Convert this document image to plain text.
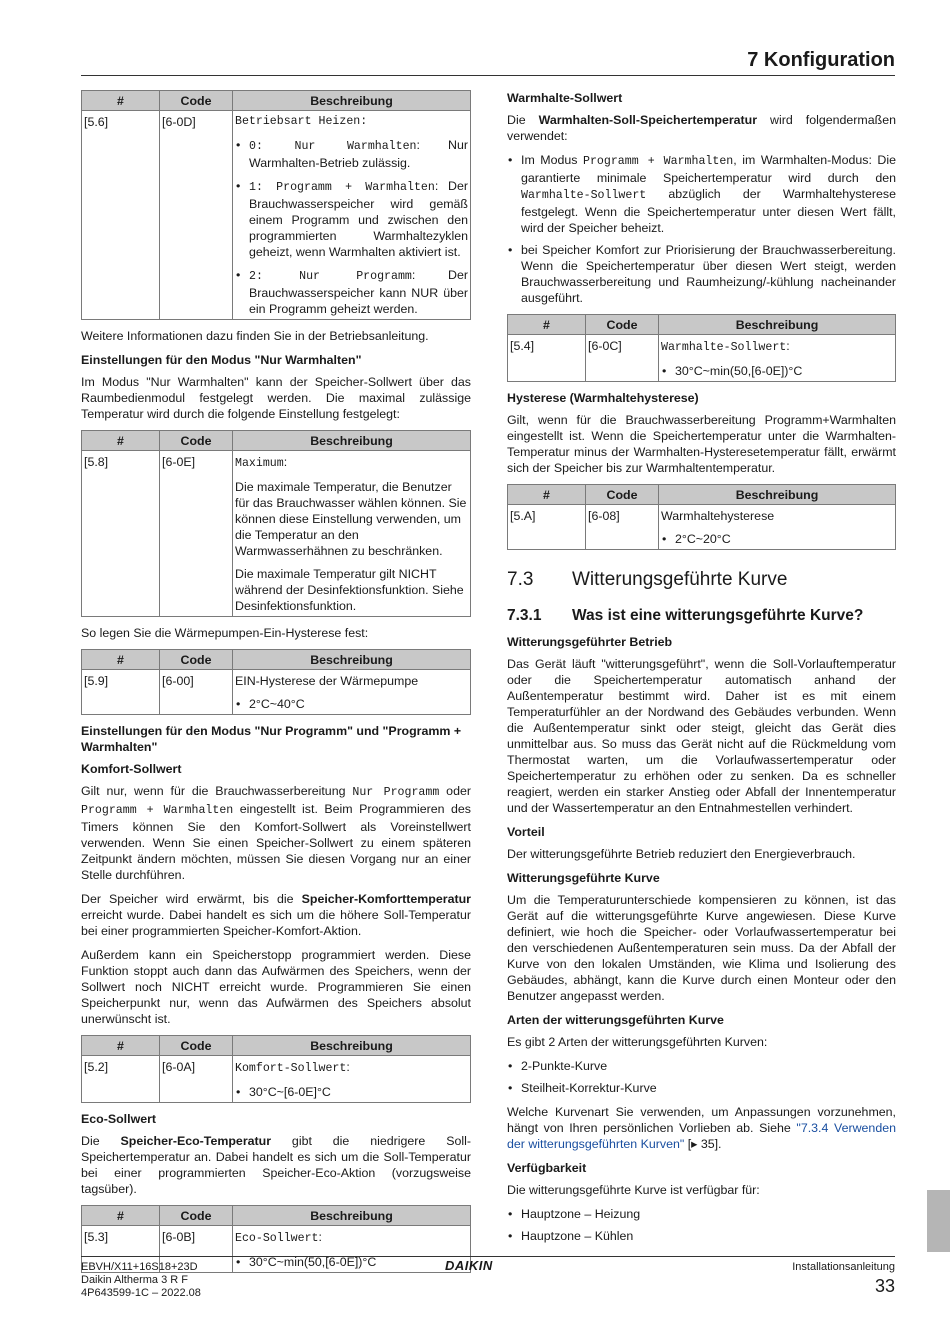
7 Konfiguration
#	Code	Beschreibung
[5.6]	[6-0D]	Betriebsart Heizen:
• 0: Nur Warmhalten: Nur Warmhalten-Betrieb zulässig.
• 1: Programm + Warmhalten: Der Brauchwasserspeicher wird gemäß einem Programm und zwischen den programmierten Warmhaltezyklen geheizt, wenn Warmhalten aktiviert ist.
• 2: Nur Programm: Der Brauchwasserspeicher kann NUR über ein Programm geheizt werden.

Weitere Informationen dazu finden Sie in der Betriebsanleitung.

Einstellungen für den Modus "Nur Warmhalten"

Im Modus "Nur Warmhalten" kann der Speicher-Sollwert über das Raumbedienmodul festgelegt werden. Die maximal zulässige Temperatur wird durch die folgende Einstellung festgelegt:

#	Code	Beschreibung
[5.8]	[6-0E]	Maximum:
Die maximale Temperatur, die Benutzer für das Brauchwasser wählen können. Sie können diese Einstellung verwenden, um die Temperatur an den Warmwasserhähnen zu beschränken.
Die maximale Temperatur gilt NICHT während der Desinfektionsfunktion. Siehe Desinfektionsfunktion.

So legen Sie die Wärmepumpen-Ein-Hysterese fest:

#	Code	Beschreibung
[5.9]	[6-00]	EIN-Hysterese der Wärmepumpe
• 2°C~40°C
Einstellungen für den Modus "Nur Programm" und "Programm + Warmhalten"
Komfort-Sollwert

Gilt nur, wenn für die Brauchwasserbereitung Nur Programm oder Programm + Warmhalten eingestellt ist. Beim Programmieren des Timers können Sie den Komfort-Sollwert als Voreinstellwert verwenden. Wenn Sie einen Speicher-Sollwert zu einem späteren Zeitpunkt ändern möchten, müssen Sie diesen Vorgang nur an einer Stelle durchführen.

Der Speicher wird erwärmt, bis die Speicher-Komforttemperatur erreicht wurde. Dabei handelt es sich um die höhere Soll-Temperatur bei einer programmierten Speicher-Komfort-Aktion.

Außerdem kann ein Speicherstopp programmiert werden. Diese Funktion stoppt auch dann das Aufwärmen des Speichers, wenn der Sollwert noch NICHT erreicht wurde. Programmieren Sie einen Speicherpunkt nur, wenn das Aufwärmen des Speichers absolut unerwünscht ist.

#	Code	Beschreibung
[5.2]	[6-0A]	Komfort-Sollwert:
• 30°C~[6-0E]°C
Eco-Sollwert

Die Speicher-Eco-Temperatur gibt die niedrigere Soll-Speichertemperatur an. Dabei handelt es sich um die Soll-Temperatur bei einer programmierten Speicher-Eco-Aktion (vorzugsweise tagsüber).

#	Code	Beschreibung
[5.3]	[6-0B]	Eco-Sollwert:
• 30°C~min(50,[6-0E])°C
Warmhalte-Sollwert

Die Warmhalten-Soll-Speichertemperatur wird folgendermaßen verwendet:

• Im Modus Programm + Warmhalten, im Warmhalten-Modus: Die garantierte minimale Speichertemperatur wird durch den Warmhalte-Sollwert abzüglich der Warmhaltehysterese festgelegt. Wenn die Speichertemperatur unter diesen Wert fällt, wird der Speicher beheizt.
• bei Speicher Komfort zur Priorisierung der Brauchwasserbereitung. Wenn die Speichertemperatur über diesen Wert steigt, werden Brauchwasserbereitung und Raumheizung/-kühlung nacheinander ausgeführt.
#	Code	Beschreibung
[5.4]	[6-0C]	Warmhalte-Sollwert:
• 30°C~min(50,[6-0E])°C
Hysterese (Warmhaltehysterese)

Gilt, wenn für die Brauchwasserbereitung Programm+Warmhalten eingestellt ist. Wenn die Speichertemperatur unter die Warmhalten-Temperatur minus der Warmhalten-Hysteresetemperatur fällt, erwärmt sich der Speicher bis zur Warmhaltentemperatur.

#	Code	Beschreibung
[5.A]	[6-08]	Warmhaltehysterese
• 2°C~20°C
7.3	Witterungsgeführte Kurve
7.3.1	Was ist eine witterungsgeführte Kurve?
Witterungsgeführter Betrieb

Das Gerät läuft "witterungsgeführt", wenn die Soll-Vorlauftemperatur oder die Speichertemperatur automatisch anhand der Außentemperatur bestimmt wird. Daher ist es mit einem Temperaturfühler an der Nordwand des Gebäudes verbunden. Wenn die Außentemperatur sinkt oder steigt, gleicht das Gerät dies unmittelbar aus. So muss das Gerät nicht auf die Rückmeldung vom Thermostat warten, um die Vorlaufwassertemperatur oder Speichertemperatur zu erhöhen oder zu senken. Da es schneller reagiert, werden ein starker Anstieg oder Abfall der Innentemperatur und der Wassertemperatur an den Entnahmestellen verhindert.

Vorteil

Der witterungsgeführte Betrieb reduziert den Energieverbrauch.

Witterungsgeführte Kurve

Um die Temperaturunterschiede kompensieren zu können, ist das Gerät auf die witterungsgeführte Kurve angewiesen. Diese Kurve definiert, wie hoch die Speicher- oder Vorlaufwassertemperatur bei den verschiedenen Außentemperaturen sein muss. Da der Abfall der Kurve von den lokalen Umständen, wie Klima und Isolierung des Gebäudes, abhängt, kann die Kurve durch einen Monteur oder den Benutzer angepasst werden.

Arten der witterungsgeführten Kurve

Es gibt 2 Arten der witterungsgeführten Kurven:

• 2-Punkte-Kurve
• Steilheit-Korrektur-Kurve

Welche Kurvenart Sie verwenden, um Anpassungen vorzunehmen, hängt von Ihren persönlichen Vorlieben ab. Siehe "7.3.4 Verwenden der witterungsgeführten Kurven" [▸ 35].

Verfügbarkeit

Die witterungsgeführte Kurve ist verfügbar für:

• Hauptzone – Heizung
• Hauptzone – Kühlen
EBVH/X11+16S18+23D
Daikin Altherma 3 R F
4P643599-1C – 2022.08
DAIKIN	Installationsanleitung
33
